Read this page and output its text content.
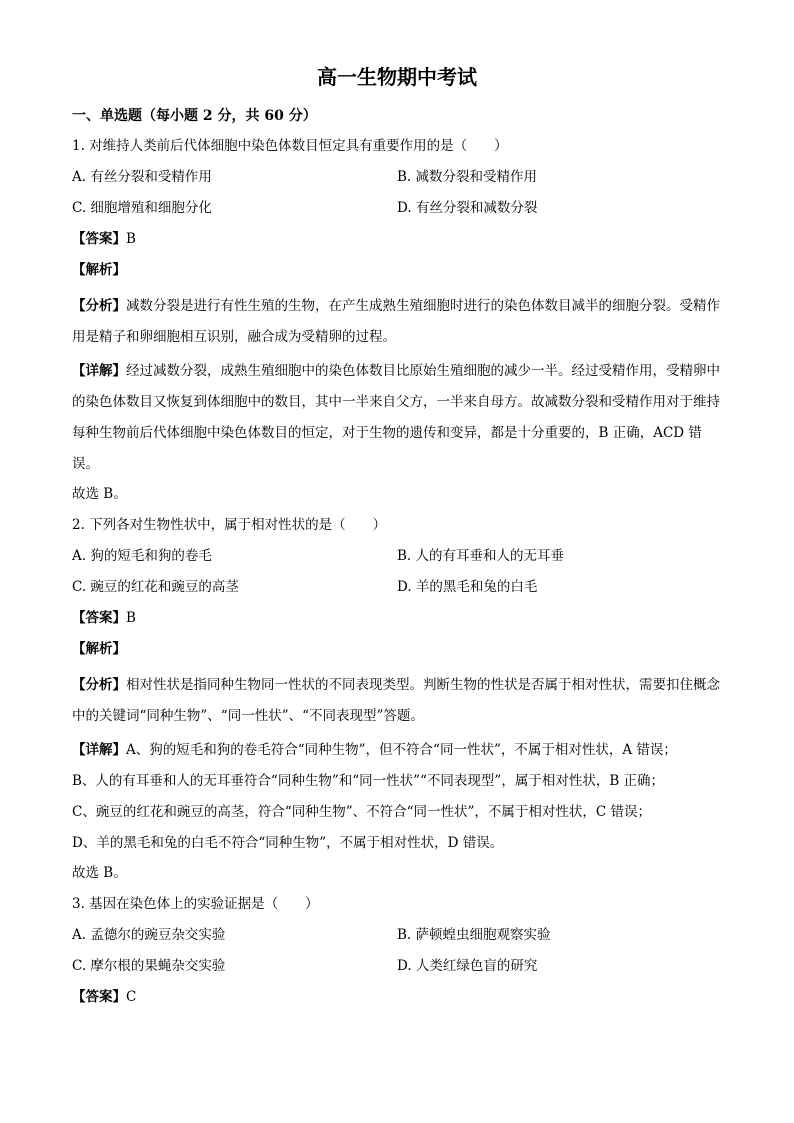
高一生物期中考试
一、单选题（每小题 2 分，共 60 分）
1. 对维持人类前后代体细胞中染色体数目恒定具有重要作用的是（　　）
A. 有丝分裂和受精作用	B. 减数分裂和受精作用
C. 细胞增殖和细胞分化	D. 有丝分裂和减数分裂
【答案】B
【解析】
【分析】减数分裂是进行有性生殖的生物，在产生成熟生殖细胞时进行的染色体数目减半的细胞分裂。受精作用是精子和卵细胞相互识别，融合成为受精卵的过程。
【详解】经过减数分裂，成熟生殖细胞中的染色体数目比原始生殖细胞的减少一半。经过受精作用，受精卵中的染色体数目又恢复到体细胞中的数目，其中一半来自父方，一半来自母方。故减数分裂和受精作用对于维持每种生物前后代体细胞中染色体数目的恒定，对于生物的遗传和变异，都是十分重要的，B 正确，ACD 错误。
故选 B。
2. 下列各对生物性状中，属于相对性状的是（　　）
A. 狗的短毛和狗的卷毛	B. 人的有耳垂和人的无耳垂
C. 豌豆的红花和豌豆的高茎	D. 羊的黑毛和兔的白毛
【答案】B
【解析】
【分析】相对性状是指同种生物同一性状的不同表现类型。判断生物的性状是否属于相对性状，需要扣住概念中的关键词“同种生物”、“同一性状”、“不同表现型”答题。
【详解】A、狗的短毛和狗的卷毛符合“同种生物”，但不符合“同一性状”，不属于相对性状，A 错误；
B、人的有耳垂和人的无耳垂符合“同种生物”和“同一性状”“不同表现型”，属于相对性状，B 正确；
C、豌豆的红花和豌豆的高茎，符合“同种生物”、不符合“同一性状”，不属于相对性状，C 错误；
D、羊的黑毛和兔的白毛不符合“同种生物”，不属于相对性状，D 错误。
故选 B。
3. 基因在染色体上的实验证据是（　　）
A. 孟德尔的豌豆杂交实验	B. 萨顿蝗虫细胞观察实验
C. 摩尔根的果蝇杂交实验	D. 人类红绿色盲的研究
【答案】C
